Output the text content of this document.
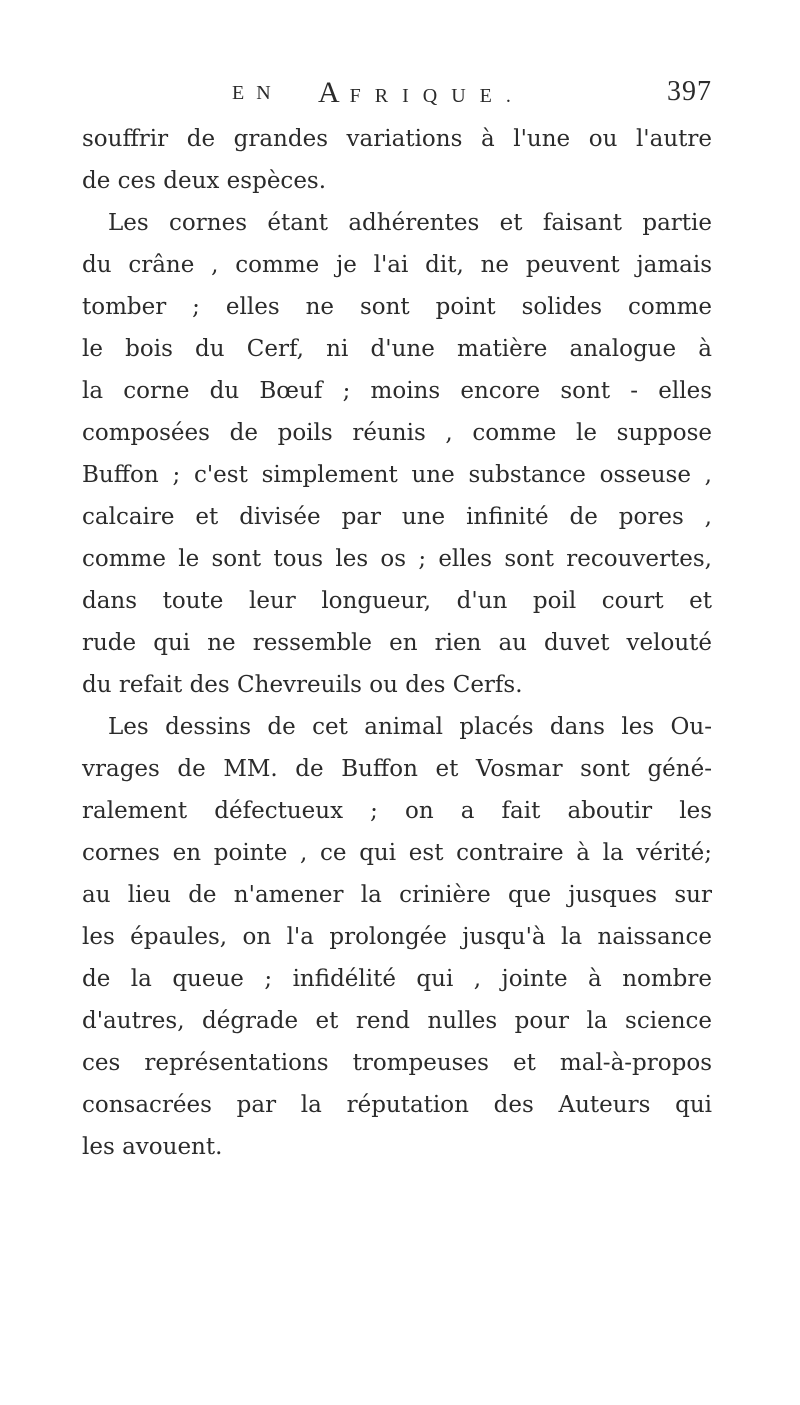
EN AFRIQUE.	397
souffrir de grandes variations à l'une ou l'autre
de ces deux espèces.
Les cornes étant adhérentes et faisant partie
du crâne , comme je l'ai dit, ne peuvent jamais
tomber ; elles ne sont point solides comme
le bois du Cerf, ni d'une matière analogue à
la corne du Bœuf ; moins encore sont - elles
composées de poils réunis , comme le suppose
Buffon ; c'est simplement une substance osseuse ,
calcaire et divisée par une infinité de pores ,
comme le sont tous les os ; elles sont recouvertes,
dans toute leur longueur, d'un poil court et
rude qui ne ressemble en rien au duvet velouté
du refait des Chevreuils ou des Cerfs.
Les dessins de cet animal placés dans les Ou-
vrages de MM. de Buffon et Vosmar sont géné-
ralement défectueux ; on a fait aboutir les
cornes en pointe , ce qui est contraire à la vérité;
au lieu de n'amener la crinière que jusques sur
les épaules, on l'a prolongée jusqu'à la naissance
de la queue ; infidélité qui , jointe à nombre
d'autres, dégrade et rend nulles pour la science
ces représentations trompeuses et mal-à-propos
consacrées par la réputation des Auteurs qui
les avouent.
